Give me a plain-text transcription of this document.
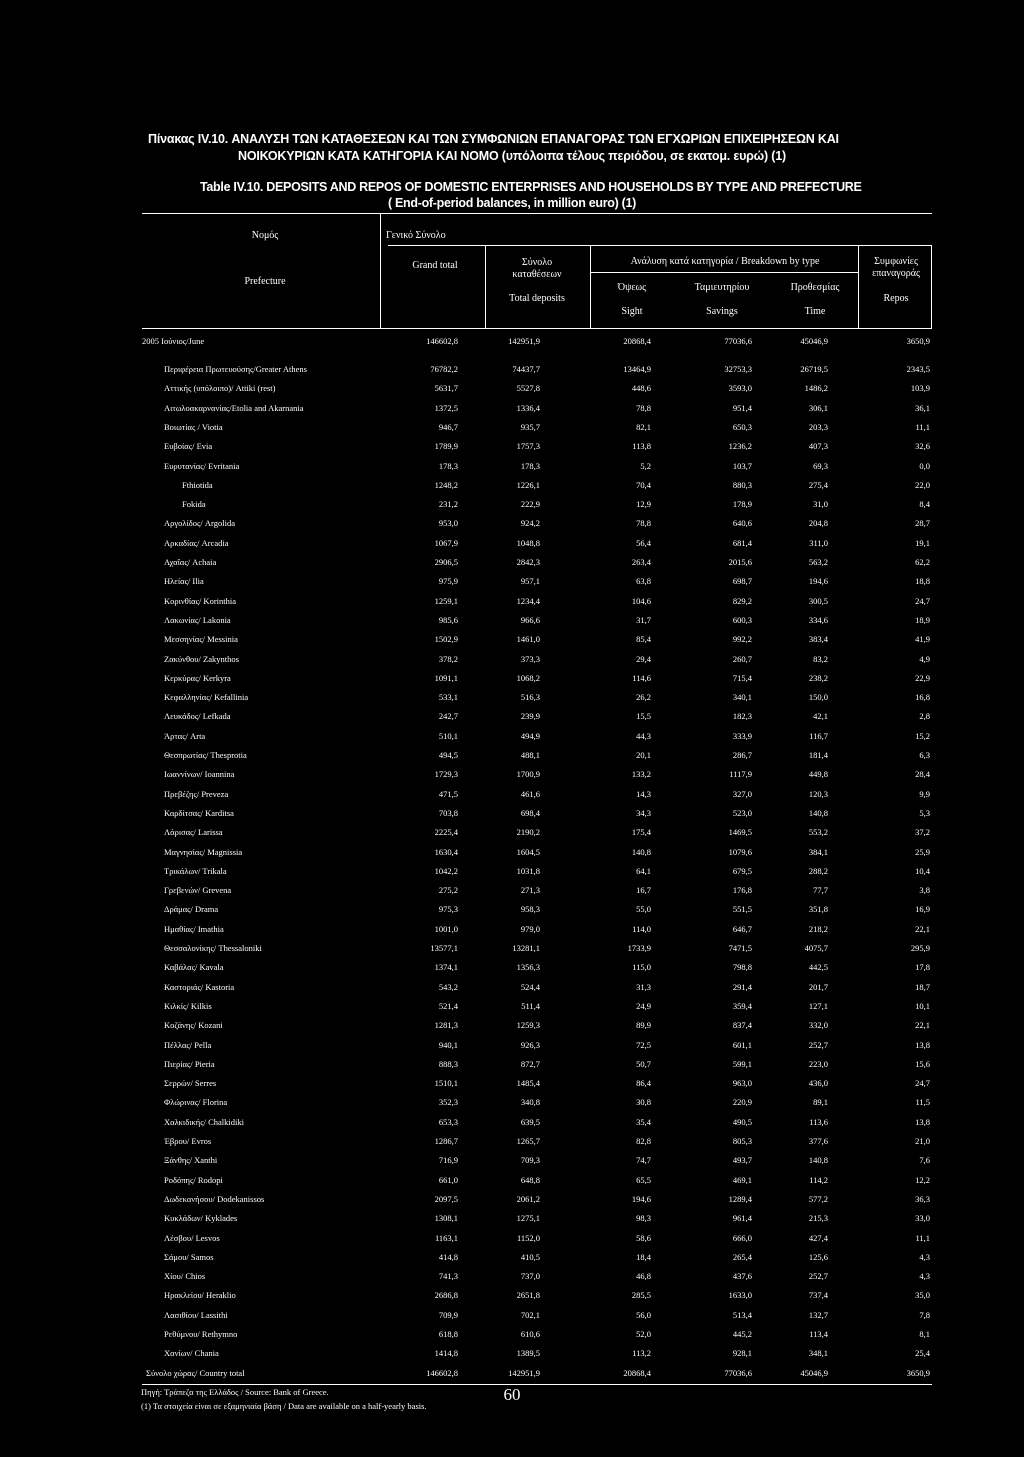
Πίνακας IV.10. ΑΝΑΛΥΣΗ ΤΩΝ ΚΑΤΑΘΕΣΕΩΝ ΚΑΙ ΤΩΝ ΣΥΜΦΩΝΙΩΝ ΕΠΑΝΑΓΟΡΑΣ ΤΩΝ ΕΓΧΩΡΙΩΝ ΕΠΙΧΕΙΡΗΣΕΩΝ ΚΑΙ
ΝΟΙΚΟΚΥΡΙΩΝ ΚΑΤΑ ΚΑΤΗΓΟΡΙΑ ΚΑΙ ΝΟΜΟ (υπόλοιπα τέλους περιόδου, σε εκατομ. ευρώ) (1)
Table IV.10. DEPOSITS AND REPOS OF DOMESTIC ENTERPRISES AND HOUSEHOLDS BY TYPE AND PREFECTURE
( End-of-period balances, in million euro) (1)
Νομός
Prefecture
Γενικό Σύνολο
Grand total	Σύνολο
καταθέσεων
Total deposits
Ανάλυση κατά κατηγορία / Breakdown by type
Όψεως
Sight
Ταμιευτηρίου
Savings
Προθεσμίας
Time
Συμφωνίες
επαναγοράς
Repos
2005 Ιούνιος/June	146602,8	142951,9	20868,4	77036,6	45046,9	3650,9
Περιφέρεια Πρωτευούσης/Greater Athens	76782,2	74437,7	13464,9	32753,3	26719,5	2343,5
Αττικής (υπόλοιπο)/ Attiki (rest)	5631,7	5527,8	448,6	3593,0	1486,2	103,9
Αιτωλοακαρνανίας/Etolia and Akarnania	1372,5	1336,4	78,8	951,4	306,1	36,1
Βοιωτίας / Viotia	946,7	935,7	82,1	650,3	203,3	11,1
Ευβοίας/ Evia	1789,9	1757,3	113,8	1236,2	407,3	32,6
Ευρυτανίας/ Evritania	178,3	178,3	5,2	103,7	69,3	0,0
Fthiotida	1248,2	1226,1	70,4	880,3	275,4	22,0
Fokida	231,2	222,9	12,9	178,9	31,0	8,4
Αργολίδος/ Argolida	953,0	924,2	78,8	640,6	204,8	28,7
Αρκαδίας/ Arcadia	1067,9	1048,8	56,4	681,4	311,0	19,1
Αχαΐας/ Achaia	2906,5	2842,3	263,4	2015,6	563,2	62,2
Ηλείας/ Ilia	975,9	957,1	63,8	698,7	194,6	18,8
Κορινθίας/ Korinthia	1259,1	1234,4	104,6	829,2	300,5	24,7
Λακωνίας/ Lakonia	985,6	966,6	31,7	600,3	334,6	18,9
Μεσσηνίας/ Messinia	1502,9	1461,0	85,4	992,2	383,4	41,9
Ζακύνθου/ Zakynthos	378,2	373,3	29,4	260,7	83,2	4,9
Κερκύρας/ Kerkyra	1091,1	1068,2	114,6	715,4	238,2	22,9
Κεφαλληνίας/ Kefallinia	533,1	516,3	26,2	340,1	150,0	16,8
Λευκάδος/ Lefkada	242,7	239,9	15,5	182,3	42,1	2,8
Άρτας/ Arta	510,1	494,9	44,3	333,9	116,7	15,2
Θεσπρωτίας/ Thesprotia	494,5	488,1	20,1	286,7	181,4	6,3
Ιωαννίνων/ Ioannina	1729,3	1700,9	133,2	1117,9	449,8	28,4
Πρεβέζης/ Preveza	471,5	461,6	14,3	327,0	120,3	9,9
Καρδίτσας/ Karditsa	703,8	698,4	34,3	523,0	140,8	5,3
Λάρισας/ Larissa	2225,4	2190,2	175,4	1469,5	553,2	37,2
Μαγνησίας/ Magnissia	1630,4	1604,5	140,8	1079,6	384,1	25,9
Τρικάλων/ Trikala	1042,2	1031,8	64,1	679,5	288,2	10,4
Γρεβενών/ Grevena	275,2	271,3	16,7	176,8	77,7	3,8
Δράμας/ Drama	975,3	958,3	55,0	551,5	351,8	16,9
Ημαθίας/ Imathia	1001,0	979,0	114,0	646,7	218,2	22,1
Θεσσαλονίκης/ Thessaloniki	13577,1	13281,1	1733,9	7471,5	4075,7	295,9
Καβάλας/ Kavala	1374,1	1356,3	115,0	798,8	442,5	17,8
Καστοριάς/ Kastoria	543,2	524,4	31,3	291,4	201,7	18,7
Κιλκίς/ Kilkis	521,4	511,4	24,9	359,4	127,1	10,1
Κοζάνης/ Kozani	1281,3	1259,3	89,9	837,4	332,0	22,1
Πέλλας/ Pella	940,1	926,3	72,5	601,1	252,7	13,8
Πιερίας/ Pieria	888,3	872,7	50,7	599,1	223,0	15,6
Σερρών/ Serres	1510,1	1485,4	86,4	963,0	436,0	24,7
Φλώρινας/ Florina	352,3	340,8	30,8	220,9	89,1	11,5
Χαλκιδικής/ Chalkidiki	653,3	639,5	35,4	490,5	113,6	13,8
Έβρου/ Evros	1286,7	1265,7	82,8	805,3	377,6	21,0
Ξάνθης/ Xanthi	716,9	709,3	74,7	493,7	140,8	7,6
Ροδόπης/ Rodopi	661,0	648,8	65,5	469,1	114,2	12,2
Δωδεκανήσου/ Dodekanissos	2097,5	2061,2	194,6	1289,4	577,2	36,3
Κυκλάδων/ Kyklades	1308,1	1275,1	98,3	961,4	215,3	33,0
Λέσβου/ Lesvos	1163,1	1152,0	58,6	666,0	427,4	11,1
Σάμου/ Samos	414,8	410,5	18,4	265,4	125,6	4,3
Χίου/ Chios	741,3	737,0	46,8	437,6	252,7	4,3
Ηρακλείου/ Heraklio	2686,8	2651,8	285,5	1633,0	737,4	35,0
Λασιθίου/ Lassithi	709,9	702,1	56,0	513,4	132,7	7,8
Ρεθύμνου/ Rethymno	618,8	610,6	52,0	445,2	113,4	8,1
Χανίων/ Chania	1414,8	1389,5	113,2	928,1	348,1	25,4
Σύνολο χώρας/ Country total	146602,8	142951,9	20868,4	77036,6	45046,9	3650,9
Πηγή: Τράπεζα της Ελλάδος / Source: Bank of Greece.
(1) Τα στοιχεία είναι σε εξαμηνιαία βάση / Data are available on a half-yearly basis.
60
